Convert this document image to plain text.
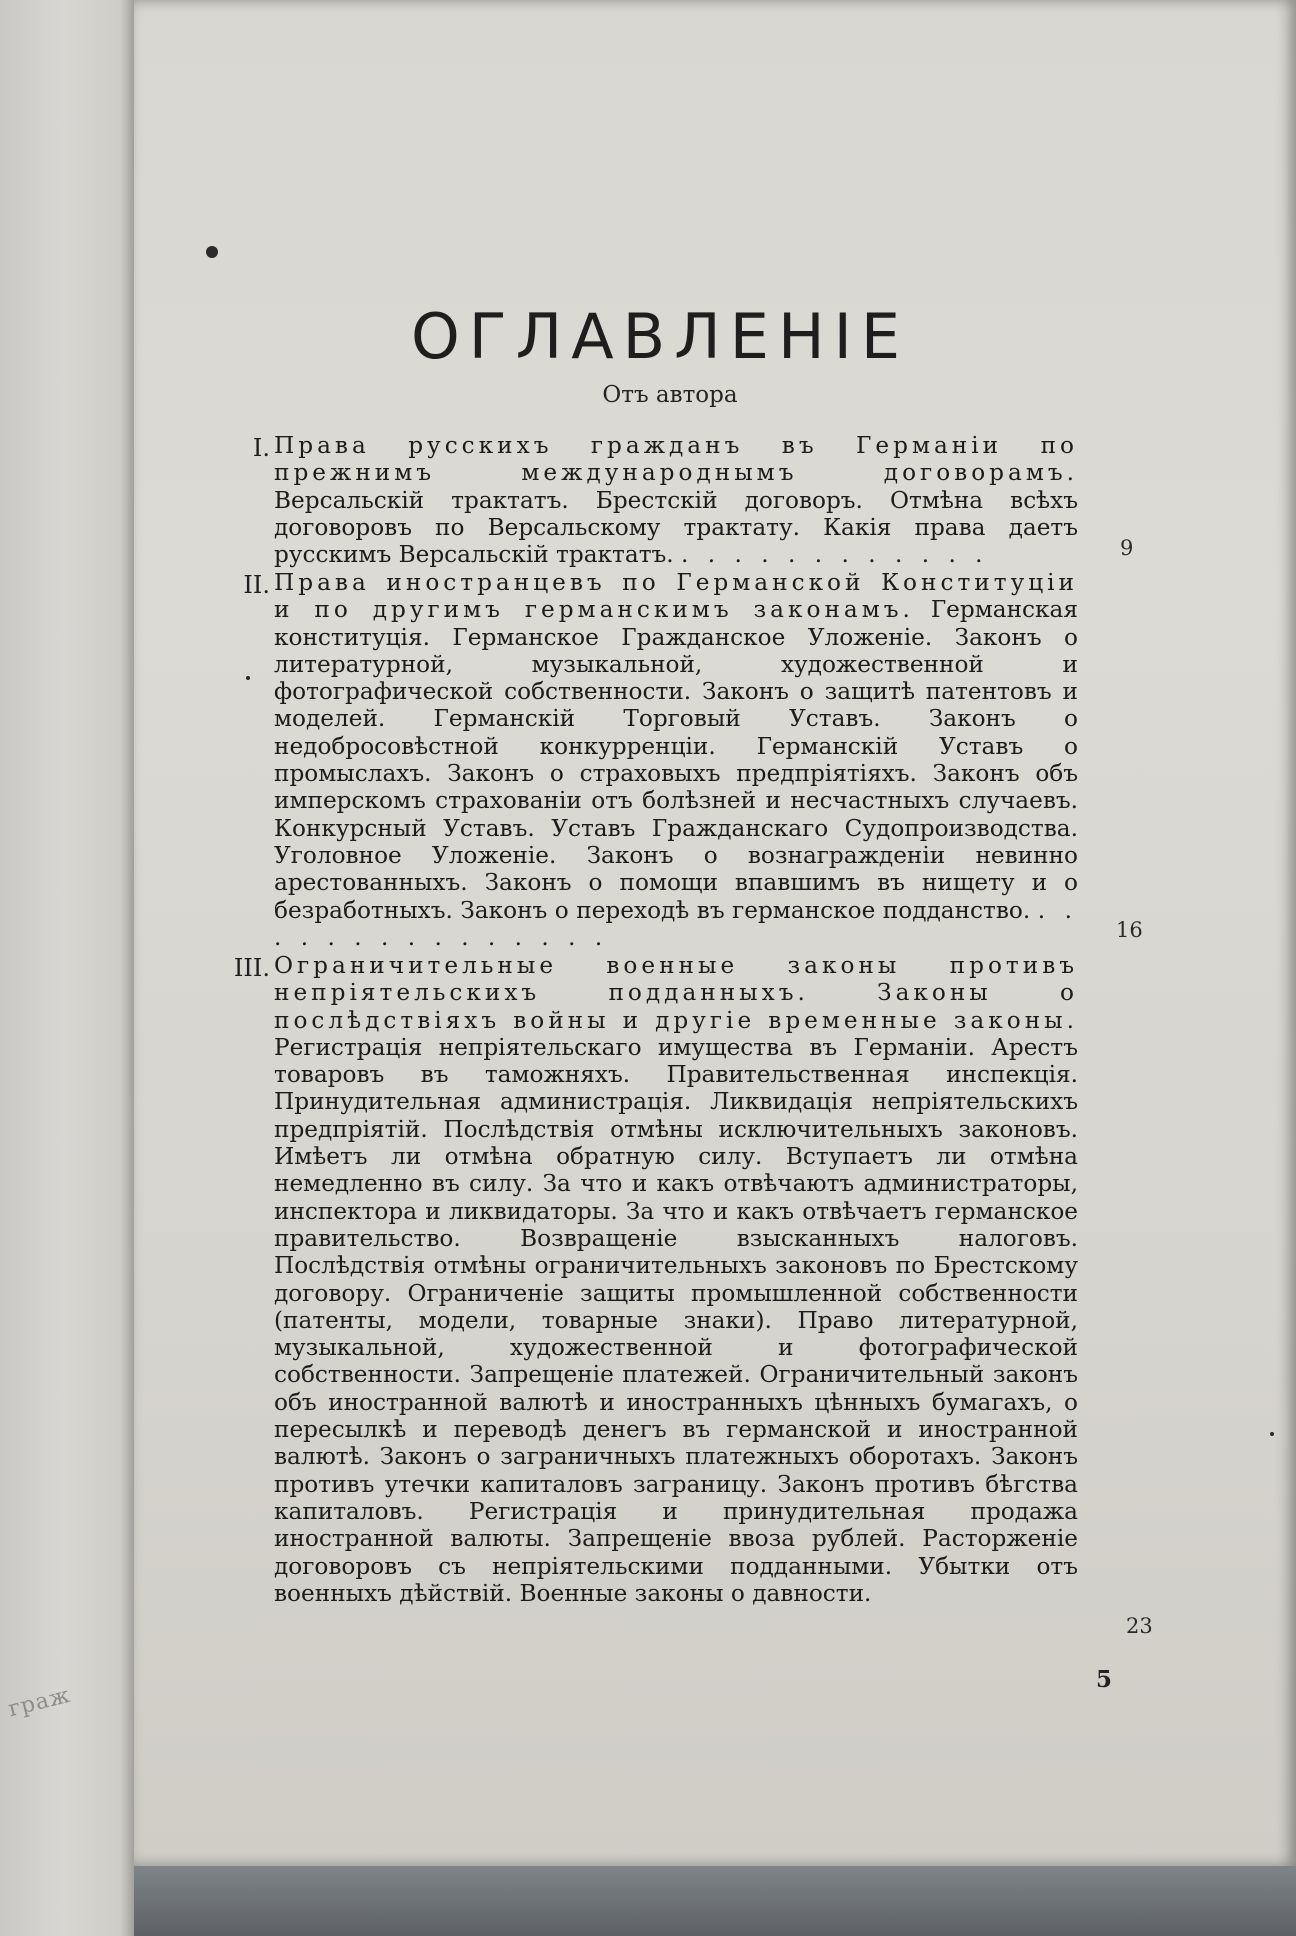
граж
ОГЛАВЛЕНІЕ
Отъ автора
I. Права русскихъ гражданъ въ Германіи по прежнимъ международнымъ договорамъ. Версальскій трактатъ. Брестскій договоръ. Отмѣна всѣхъ договоровъ по Версальскому трактату. Какія права даетъ русскимъ Версальскій трактатъ. . . . . . . . . . . . .	9
II. Права иностранцевъ по Германской Конституціи и по другимъ германскимъ законамъ. Германская конституція. Германское Гражданское Уложеніе. Законъ о литературной, музыкальной, художественной и фотографической собственности. Законъ о защитѣ патентовъ и моделей. Германскій Торговый Уставъ. Законъ о недобросовѣстной конкурренціи. Германскій Уставъ о промыслахъ. Законъ о страховыхъ предпріятіяхъ. Законъ объ имперскомъ страхованіи отъ болѣзней и несчастныхъ случаевъ. Конкурсный Уставъ. Уставъ Гражданскаго Судопроизводства. Уголовное Уложеніе. Законъ о вознагражденіи невинно арестованныхъ. Законъ о помощи впавшимъ въ нищету и о безработныхъ. Законъ о переходѣ въ германское подданство. . . . . . . . . . . . . . . .	16
III. Ограничительные военные законы противъ непріятельскихъ подданныхъ. Законы о послѣдствіяхъ войны и другіе временные законы. Регистрація непріятельскаго имущества въ Германіи. Арестъ товаровъ въ таможняхъ. Правительственная инспекція. Принудительная администрація. Ликвидація непріятельскихъ предпріятій. Послѣдствія отмѣны исключительныхъ законовъ. Имѣетъ ли отмѣна обратную силу. Вступаетъ ли отмѣна немедленно въ силу. За что и какъ отвѣчаютъ администраторы, инспектора и ликвидаторы. За что и какъ отвѣчаетъ германское правительство. Возвращеніе взысканныхъ налоговъ. Послѣдствія отмѣны ограничительныхъ законовъ по Брестскому договору. Ограниченіе защиты промышленной собственности (патенты, модели, товарные знаки). Право литературной, музыкальной, художественной и фотографической собственности. Запрещеніе платежей. Ограничительный законъ объ иностранной валютѣ и иностранныхъ цѣнныхъ бумагахъ, о пересылкѣ и переводѣ денегъ въ германской и иностранной валютѣ. Законъ о заграничныхъ платежныхъ оборотахъ. Законъ противъ утечки капиталовъ заграницу. Законъ противъ бѣгства капиталовъ. Регистрація и принудительная продажа иностранной валюты. Запрещеніе ввоза рублей. Расторженіе договоровъ съ непріятельскими подданными. Убытки отъ военныхъ дѣйствій. Военные законы о давности.
23
5
